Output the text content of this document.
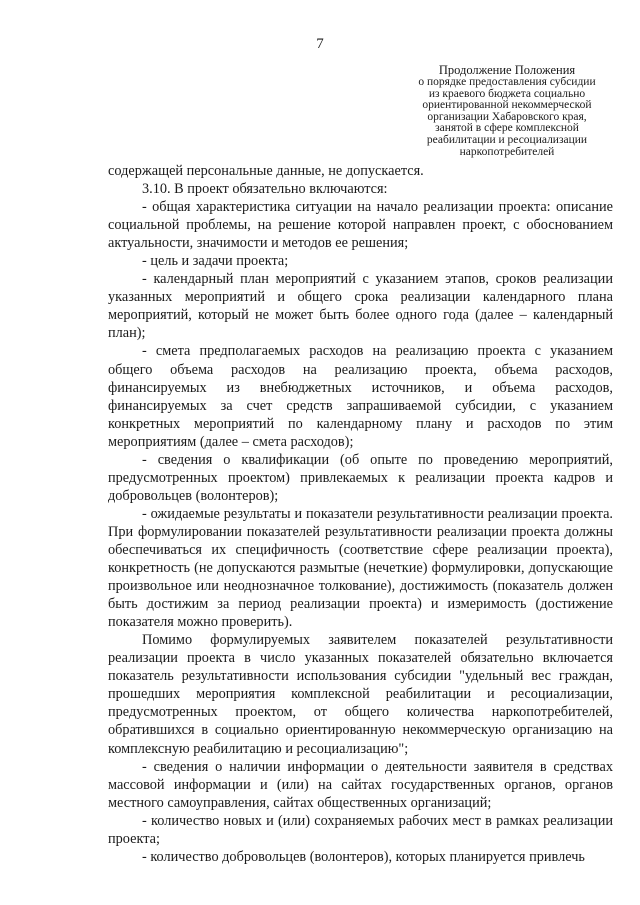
7
Продолжение Положения
о порядке предоставления субсидии
из краевого бюджета социально
ориентированной некоммерческой
организации Хабаровского края,
занятой в сфере комплексной
реабилитации и ресоциализации
наркопотребителей

содержащей персональные данные, не допускается.

3.10. В проект обязательно включаются:

- общая характеристика ситуации на начало реализации проекта: описание социальной проблемы, на решение которой направлен проект, с обоснованием актуальности, значимости и методов ее решения;

- цель и задачи проекта;

- календарный план мероприятий с указанием этапов, сроков реализации указанных мероприятий и общего срока реализации календарного плана мероприятий, который не может быть более одного года (далее – календарный план);

- смета предполагаемых расходов на реализацию проекта с указанием общего объема расходов на реализацию проекта, объема расходов, финансируемых из внебюджетных источников, и объема расходов, финансируемых за счет средств запрашиваемой субсидии, с указанием конкретных мероприятий по календарному плану и расходов по этим мероприятиям (далее – смета расходов);

- сведения о квалификации (об опыте по проведению мероприятий, предусмотренных проектом) привлекаемых к реализации проекта кадров и добровольцев (волонтеров);

- ожидаемые результаты и показатели результативности реализации проекта. При формулировании показателей результативности реализации проекта должны обеспечиваться их специфичность (соответствие сфере реализации проекта), конкретность (не допускаются размытые (нечеткие) формулировки, допускающие произвольное или неоднозначное толкование), достижимость (показатель должен быть достижим за период реализации проекта) и измеримость (достижение показателя можно проверить).

Помимо формулируемых заявителем показателей результативности реализации проекта в число указанных показателей обязательно включается показатель результативности использования субсидии "удельный вес граждан, прошедших мероприятия комплексной реабилитации и ресоциализации, предусмотренных проектом, от общего количества наркопотребителей, обратившихся в социально ориентированную некоммерческую организацию на комплексную реабилитацию и ресоциализацию";

- сведения о наличии информации о деятельности заявителя в средствах массовой информации и (или) на сайтах государственных органов, органов местного самоуправления, сайтах общественных организаций;

- количество новых и (или) сохраняемых рабочих мест в рамках реализации проекта;

- количество добровольцев (волонтеров), которых планируется привлечь
